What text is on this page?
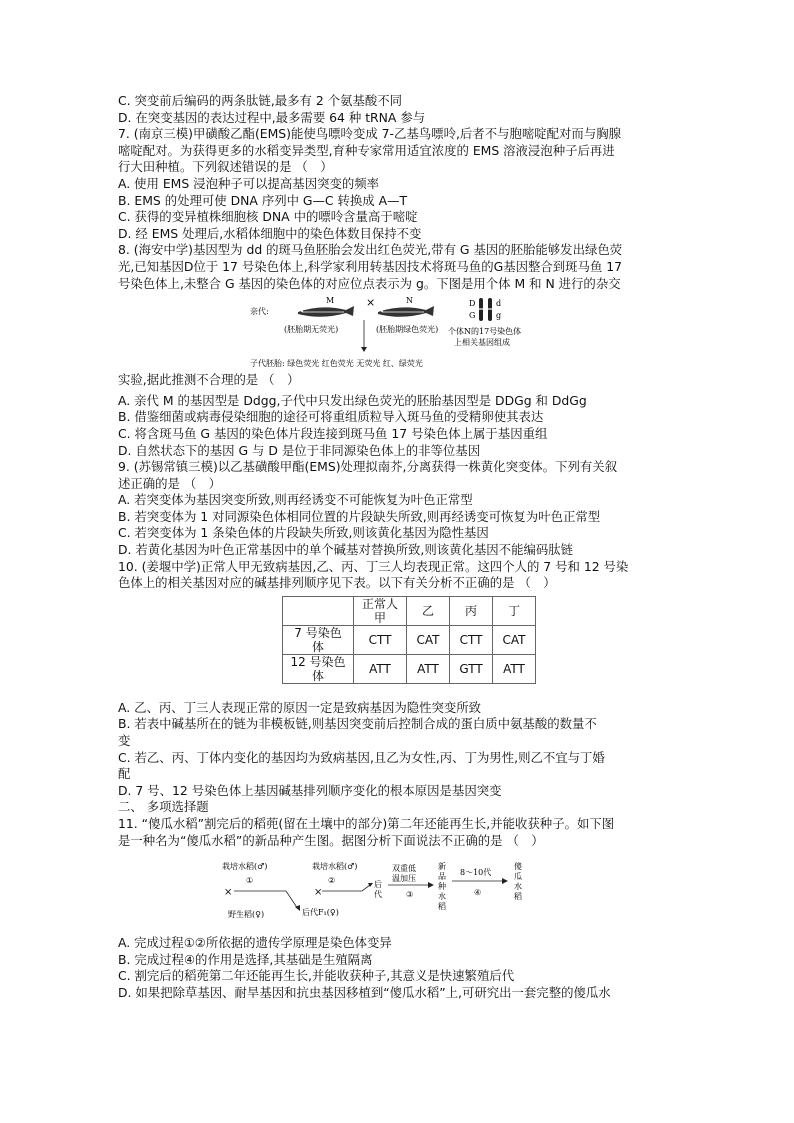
C. 突变前后编码的两条肽链,最多有 2 个氨基酸不同

D. 在突变基因的表达过程中,最多需要 64 种 tRNA 参与

7. (南京三模)甲磺酸乙酯(EMS)能使鸟嘌呤变成 7-乙基鸟嘌呤,后者不与胞嘧啶配对而与胸腺

嘧啶配对。为获得更多的水稻变异类型,育种专家常用适宜浓度的 EMS 溶液浸泡种子后再进

行大田种植。下列叙述错误的是 （　）

A. 使用 EMS 浸泡种子可以提高基因突变的频率

B. EMS 的处理可使 DNA 序列中 G—C 转换成 A—T

C. 获得的变异植株细胞核 DNA 中的嘌呤含量高于嘧啶

D. 经 EMS 处理后,水稻体细胞中的染色体数目保持不变

8. (海安中学)基因型为 dd 的斑马鱼胚胎会发出红色荧光,带有 G 基因的胚胎能够发出绿色荧

光,已知基因D位于 17 号染色体上,科学家利用转基因技术将斑马鱼的G基因整合到斑马鱼 17

号染色体上,未整合 G 基因的染色体的对应位点表示为 g。下图是用个体 M 和 N 进行的杂交

亲代:
M	×	N
(胚胎期无荧光)	(胚胎期绿色荧光)
子代胚胎: 绿色荧光 红色荧光 无荧光 红、绿荧光
D
G
d
g
个体N的17号染色体
上相关基因组成

实验,据此推测不合理的是 （　）

A. 亲代 M 的基因型是 Ddgg,子代中只发出绿色荧光的胚胎基因型是 DDGg 和 DdGg

B. 借鉴细菌或病毒侵染细胞的途径可将重组质粒导入斑马鱼的受精卵使其表达

C. 将含斑马鱼 G 基因的染色体片段连接到斑马鱼 17 号染色体上属于基因重组

D. 自然状态下的基因 G 与 D 是位于非同源染色体上的非等位基因

9. (苏锡常镇三模)以乙基磺酸甲酯(EMS)处理拟南芥,分离获得一株黄化突变体。下列有关叙

述正确的是 （　）

A. 若突变体为基因突变所致,则再经诱变不可能恢复为叶色正常型

B. 若突变体为 1 对同源染色体相同位置的片段缺失所致,则再经诱变可恢复为叶色正常型

C. 若突变体为 1 条染色体的片段缺失所致,则该黄化基因为隐性基因

D. 若黄化基因为叶色正常基因中的单个碱基对替换所致,则该黄化基因不能编码肽链

10. (姜堰中学)正常人甲无致病基因,乙、丙、丁三人均表现正常。这四个人的 7 号和 12 号染

色体上的相关基因对应的碱基排列顺序见下表。以下有关分析不正确的是 （　）

	正常人甲	乙	丙	丁
7 号染色体	CTT	CAT	CTT	CAT
12 号染色体	ATT	ATT	GTT	ATT

A. 乙、丙、丁三人表现正常的原因一定是致病基因为隐性突变所致

B. 若表中碱基所在的链为非模板链,则基因突变前后控制合成的蛋白质中氨基酸的数量不

变

C. 若乙、丙、丁体内变化的基因均为致病基因,且乙为女性,丙、丁为男性,则乙不宜与丁婚

配

D. 7 号、12 号染色体上基因碱基排列顺序变化的根本原因是基因突变

二、 多项选择题

11. “傻瓜水稻”割完后的稻蔸(留在土壤中的部分)第二年还能再生长,并能收获种子。如下图

是一种名为“傻瓜水稻”的新品种产生图。据图分析下面说法不正确的是 （　）

栽培水稻(♂)	栽培水稻(♂)
①	②
×	×
野生稻(♀)	后代F₁(♀)
后代
双重低
温加压
③
新品种水稻
8～10代
④
傻瓜水稻

A. 完成过程①②所依据的遗传学原理是染色体变异

B. 完成过程④的作用是选择,其基础是生殖隔离

C. 割完后的稻蔸第二年还能再生长,并能收获种子,其意义是快速繁殖后代

D. 如果把除草基因、耐旱基因和抗虫基因移植到“傻瓜水稻”上,可研究出一套完整的傻瓜水
